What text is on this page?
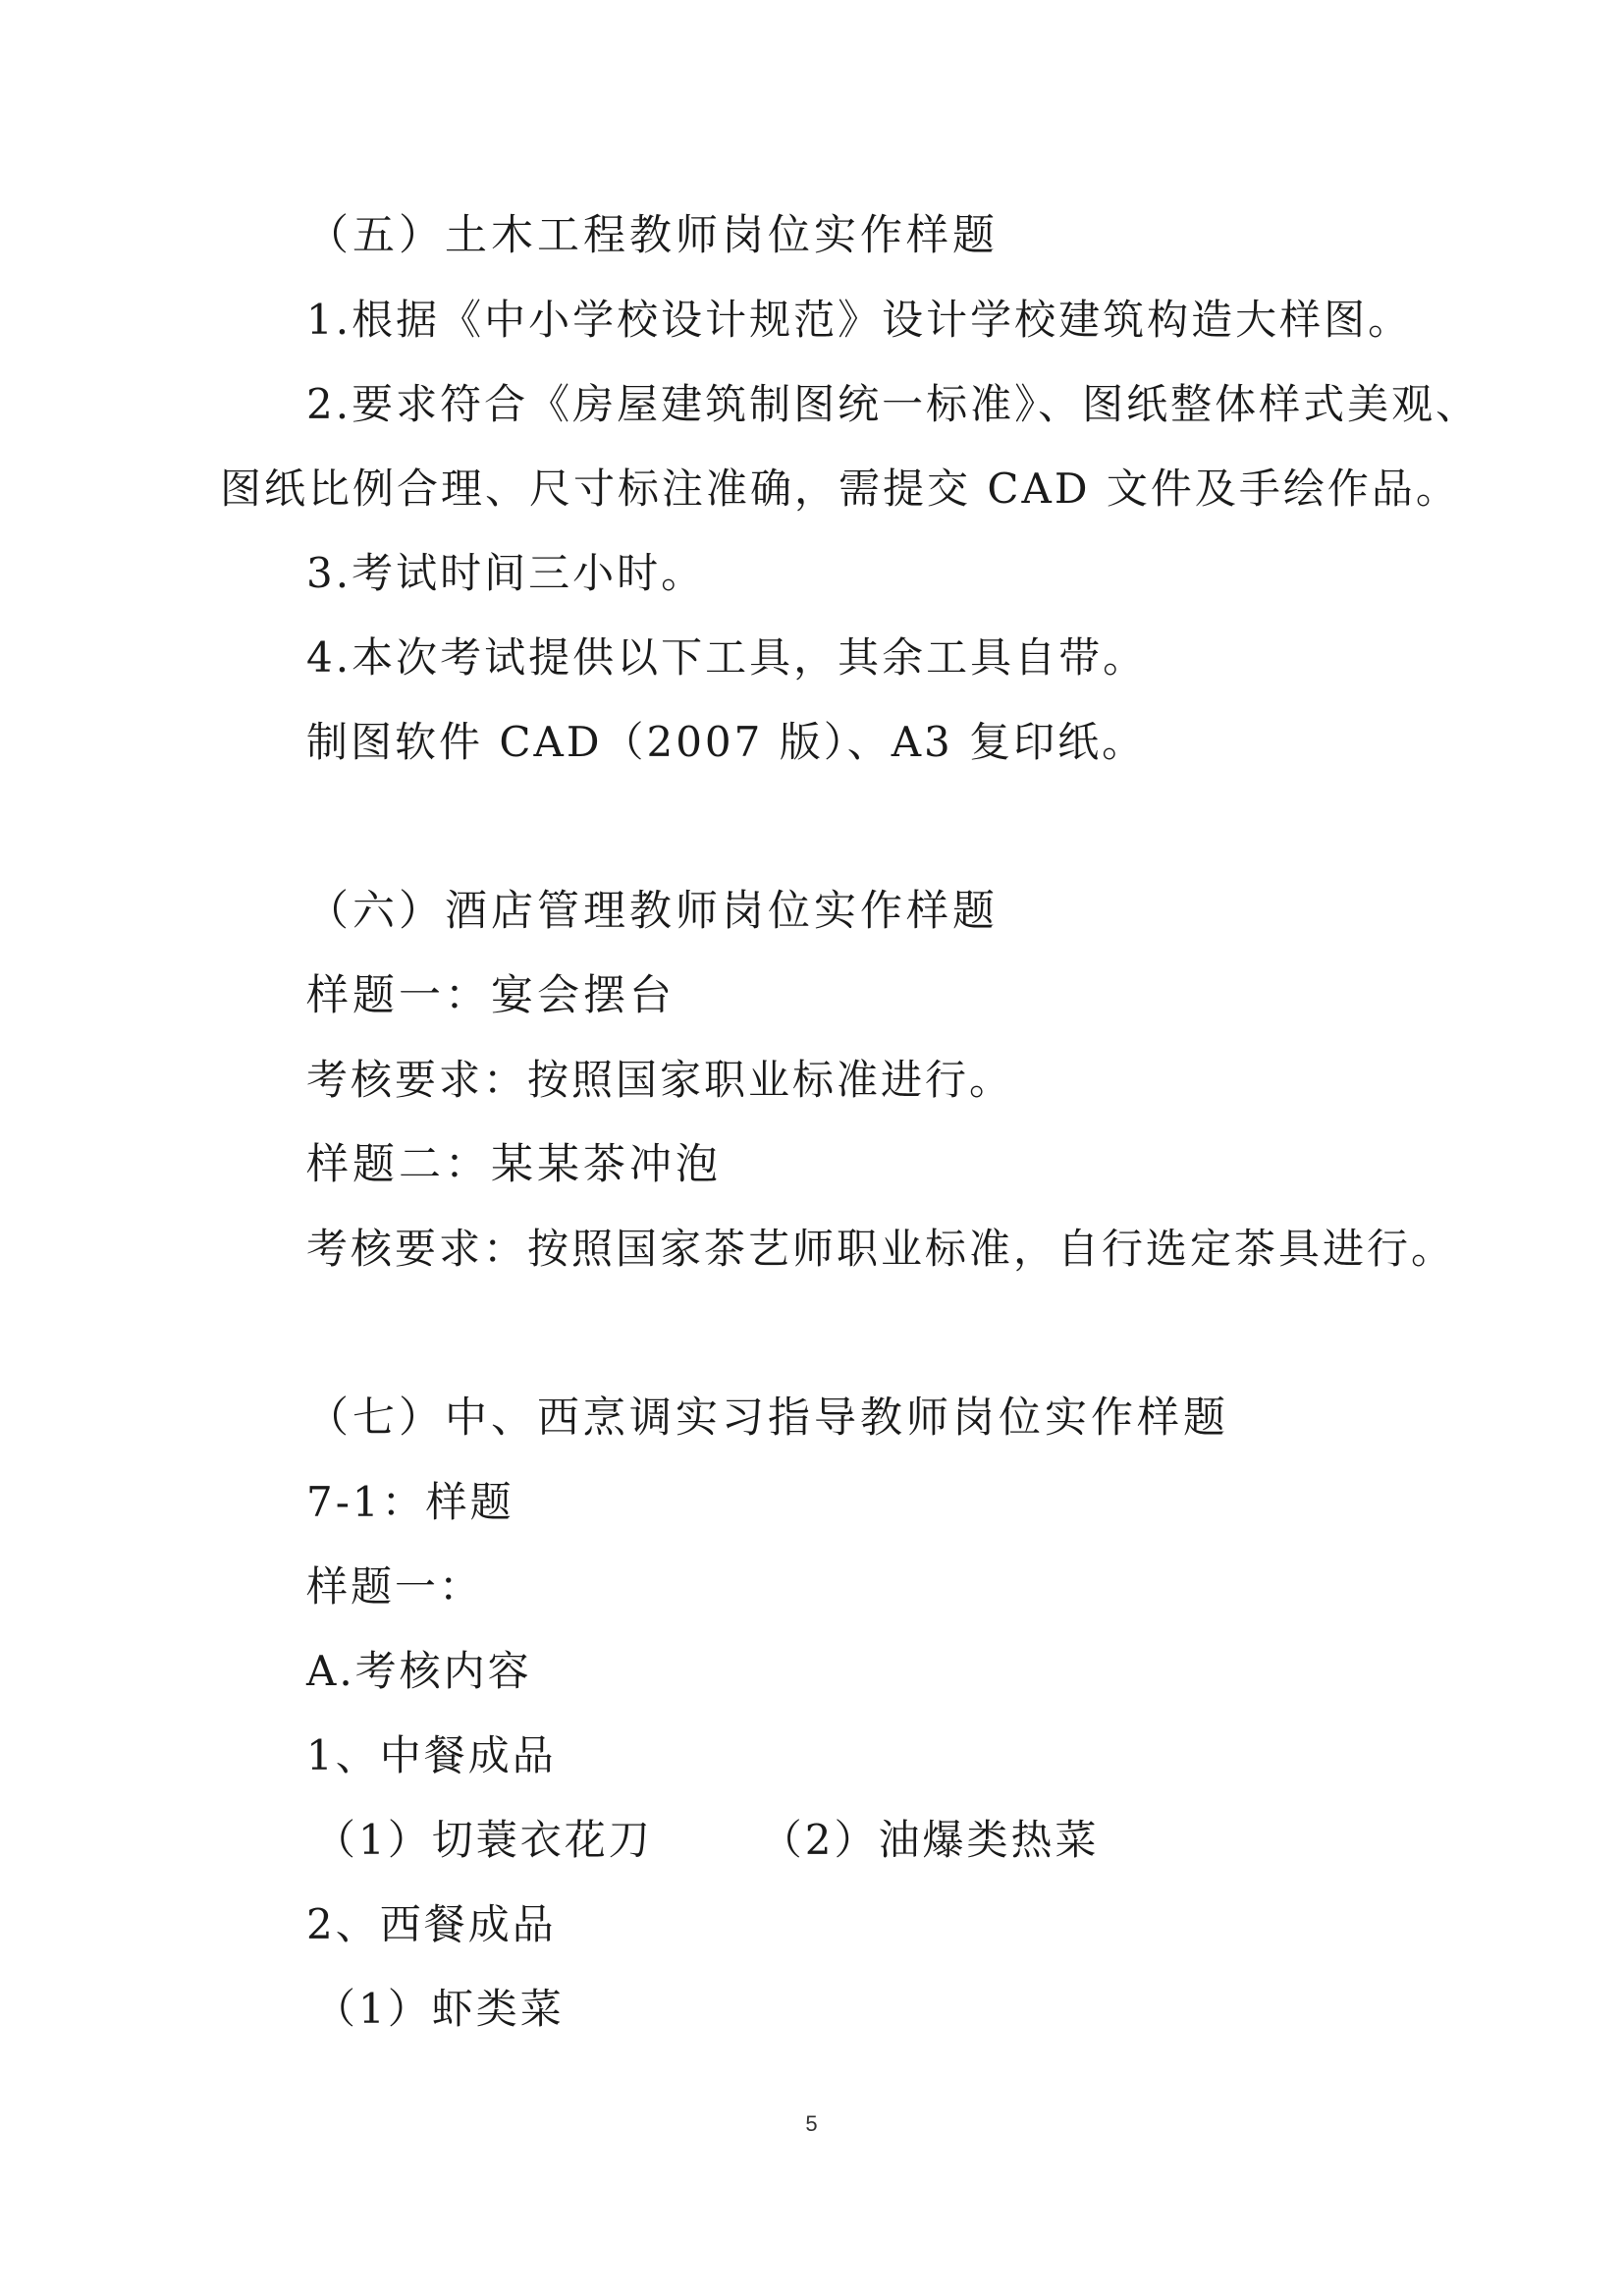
（五）土木工程教师岗位实作样题
1.根据《中小学校设计规范》设计学校建筑构造大样图。
2.要求符合《房屋建筑制图统一标准》、图纸整体样式美观、
图纸比例合理、尺寸标注准确，需提交 CAD 文件及手绘作品。
3.考试时间三小时。
4.本次考试提供以下工具，其余工具自带。
制图软件 CAD（2007 版）、A3 复印纸。
（六）酒店管理教师岗位实作样题
样题一：宴会摆台
考核要求：按照国家职业标准进行。
样题二：某某茶冲泡
考核要求：按照国家茶艺师职业标准，自行选定茶具进行。
（七）中、西烹调实习指导教师岗位实作样题
7-1：样题
样题一：
A.考核内容
1、中餐成品
（1）切蓑衣花刀	（2）油爆类热菜
2、西餐成品
（1）虾类菜
5
